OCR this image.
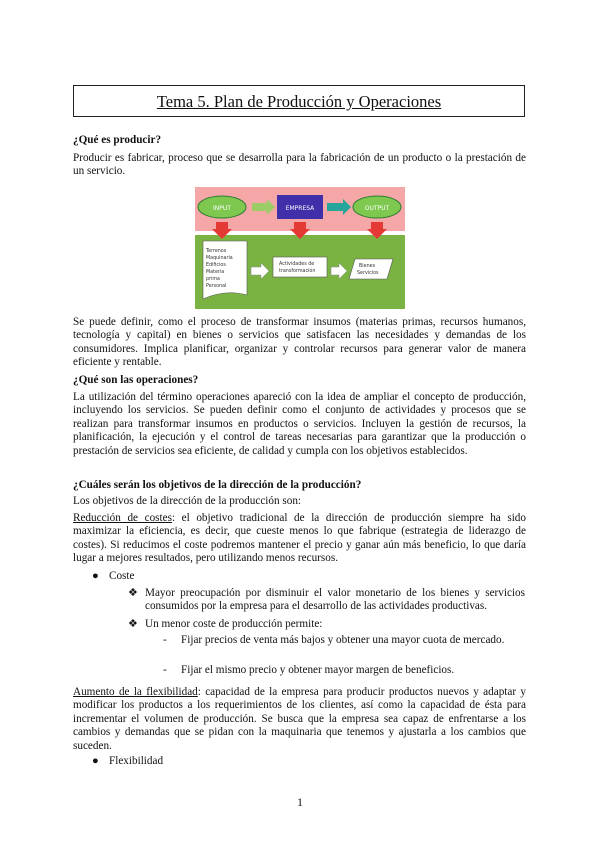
Tema 5. Plan de Producción y Operaciones

¿Qué es producir?

Producir es fabricar, proceso que se desarrolla para la fabricación de un producto o la prestación de un servicio.

INPUT	EMPRESA	OUTPUT
Terrenos Maquinaria Edificios Materia prima Personal
Actividades de transformación
Bienes Servicios

Se puede definir, como el proceso de transformar insumos (materias primas, recursos humanos, tecnología y capital) en bienes o servicios que satisfacen las necesidades y demandas de los consumidores. Implica planificar, organizar y controlar recursos para generar valor de manera eficiente y rentable.

¿Qué son las operaciones?

La utilización del término operaciones apareció con la idea de ampliar el concepto de producción, incluyendo los servicios. Se pueden definir como el conjunto de actividades y procesos que se realizan para transformar insumos en productos o servicios. Incluyen la gestión de recursos, la planificación, la ejecución y el control de tareas necesarias para garantizar que la producción o prestación de servicios sea eficiente, de calidad y cumpla con los objetivos establecidos.

¿Cuáles serán los objetivos de la dirección de la producción?

Los objetivos de la dirección de la producción son:

Reducción de costes: el objetivo tradicional de la dirección de producción siempre ha sido maximizar la eficiencia, es decir, que cueste menos lo que fabrique (estrategia de liderazgo de costes). Si reducimos el coste podremos mantener el precio y ganar aún más beneficio, lo que daría lugar a mejores resultados, pero utilizando menos recursos.

● Coste
❖ Mayor preocupación por disminuir el valor monetario de los bienes y servicios consumidos por la empresa para el desarrollo de las actividades productivas.

❖ Un menor coste de producción permite:

- Fijar precios de venta más bajos y obtener una mayor cuota de mercado.

- Fijar el mismo precio y obtener mayor margen de beneficios.

Aumento de la flexibilidad: capacidad de la empresa para producir productos nuevos y adaptar y modificar los productos a los requerimientos de los clientes, así como la capacidad de ésta para incrementar el volumen de producción. Se busca que la empresa sea capaz de enfrentarse a los cambios y demandas que se pidan con la maquinaria que tenemos y ajustarla a los cambios que suceden.

● Flexibilidad
1
